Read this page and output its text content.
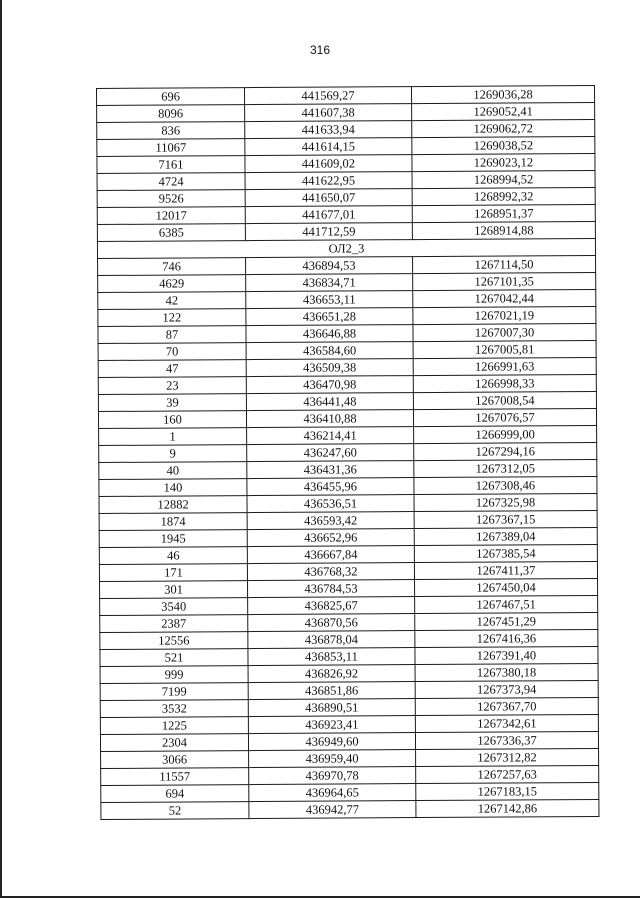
316
696	441569,27	1269036,28
8096	441607,38	1269052,41
836	441633,94	1269062,72
11067	441614,15	1269038,52
7161	441609,02	1269023,12
4724	441622,95	1268994,52
9526	441650,07	1268992,32
12017	441677,01	1268951,37
6385	441712,59	1268914,88
ОЛ2_3		
746	436894,53	1267114,50
4629	436834,71	1267101,35
42	436653,11	1267042,44
122	436651,28	1267021,19
87	436646,88	1267007,30
70	436584,60	1267005,81
47	436509,38	1266991,63
23	436470,98	1266998,33
39	436441,48	1267008,54
160	436410,88	1267076,57
1	436214,41	1266999,00
9	436247,60	1267294,16
40	436431,36	1267312,05
140	436455,96	1267308,46
12882	436536,51	1267325,98
1874	436593,42	1267367,15
1945	436652,96	1267389,04
46	436667,84	1267385,54
171	436768,32	1267411,37
301	436784,53	1267450,04
3540	436825,67	1267467,51
2387	436870,56	1267451,29
12556	436878,04	1267416,36
521	436853,11	1267391,40
999	436826,92	1267380,18
7199	436851,86	1267373,94
3532	436890,51	1267367,70
1225	436923,41	1267342,61
2304	436949,60	1267336,37
3066	436959,40	1267312,82
11557	436970,78	1267257,63
694	436964,65	1267183,15
52	436942,77	1267142,86
